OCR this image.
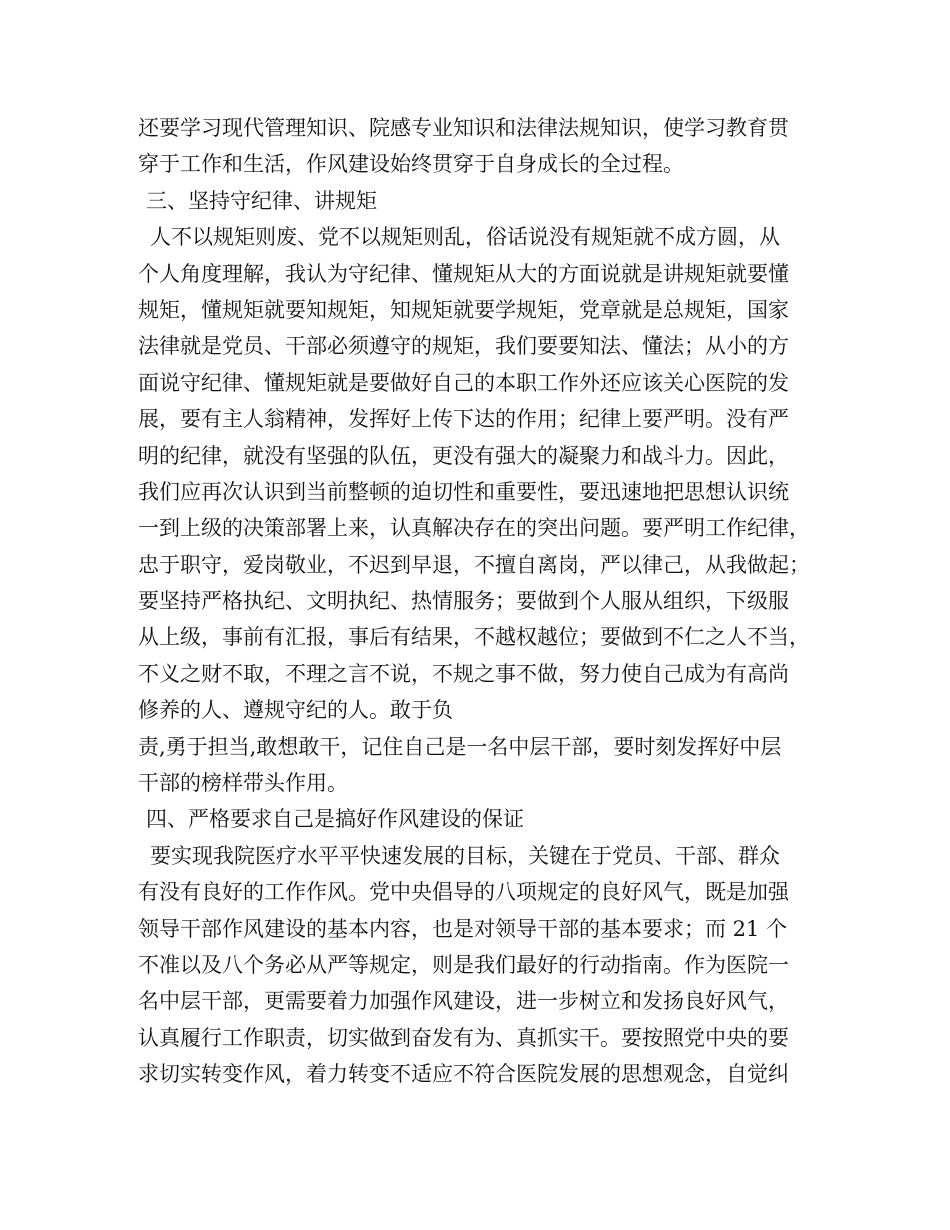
还要学习现代管理知识、院感专业知识和法律法规知识，使学习教育贯
穿于工作和生活，作风建设始终贯穿于自身成长的全过程。
三、坚持守纪律、讲规矩
人不以规矩则废、党不以规矩则乱，俗话说没有规矩就不成方圆，从
个人角度理解，我认为守纪律、懂规矩从大的方面说就是讲规矩就要懂
规矩，懂规矩就要知规矩，知规矩就要学规矩，党章就是总规矩，国家
法律就是党员、干部必须遵守的规矩，我们要要知法、懂法；从小的方
面说守纪律、懂规矩就是要做好自己的本职工作外还应该关心医院的发
展，要有主人翁精神，发挥好上传下达的作用；纪律上要严明。没有严
明的纪律，就没有坚强的队伍，更没有强大的凝聚力和战斗力。因此，
我们应再次认识到当前整顿的迫切性和重要性，要迅速地把思想认识统
一到上级的决策部署上来，认真解决存在的突出问题。要严明工作纪律，
忠于职守，爱岗敬业，不迟到早退，不擅自离岗，严以律己，从我做起；
要坚持严格执纪、文明执纪、热情服务；要做到个人服从组织，下级服
从上级，事前有汇报，事后有结果，不越权越位；要做到不仁之人不当，
不义之财不取，不理之言不说，不规之事不做，努力使自己成为有高尚
修养的人、遵规守纪的人。敢于负
责,勇于担当,敢想敢干，记住自己是一名中层干部，要时刻发挥好中层
干部的榜样带头作用。
四、严格要求自己是搞好作风建设的保证
要实现我院医疗水平平快速发展的目标，关键在于党员、干部、群众
有没有良好的工作作风。党中央倡导的八项规定的良好风气，既是加强
领导干部作风建设的基本内容，也是对领导干部的基本要求；而 21 个
不准以及八个务必从严等规定，则是我们最好的行动指南。作为医院一
名中层干部，更需要着力加强作风建设，进一步树立和发扬良好风气，
认真履行工作职责，切实做到奋发有为、真抓实干。要按照党中央的要
求切实转变作风，着力转变不适应不符合医院发展的思想观念，自觉纠
